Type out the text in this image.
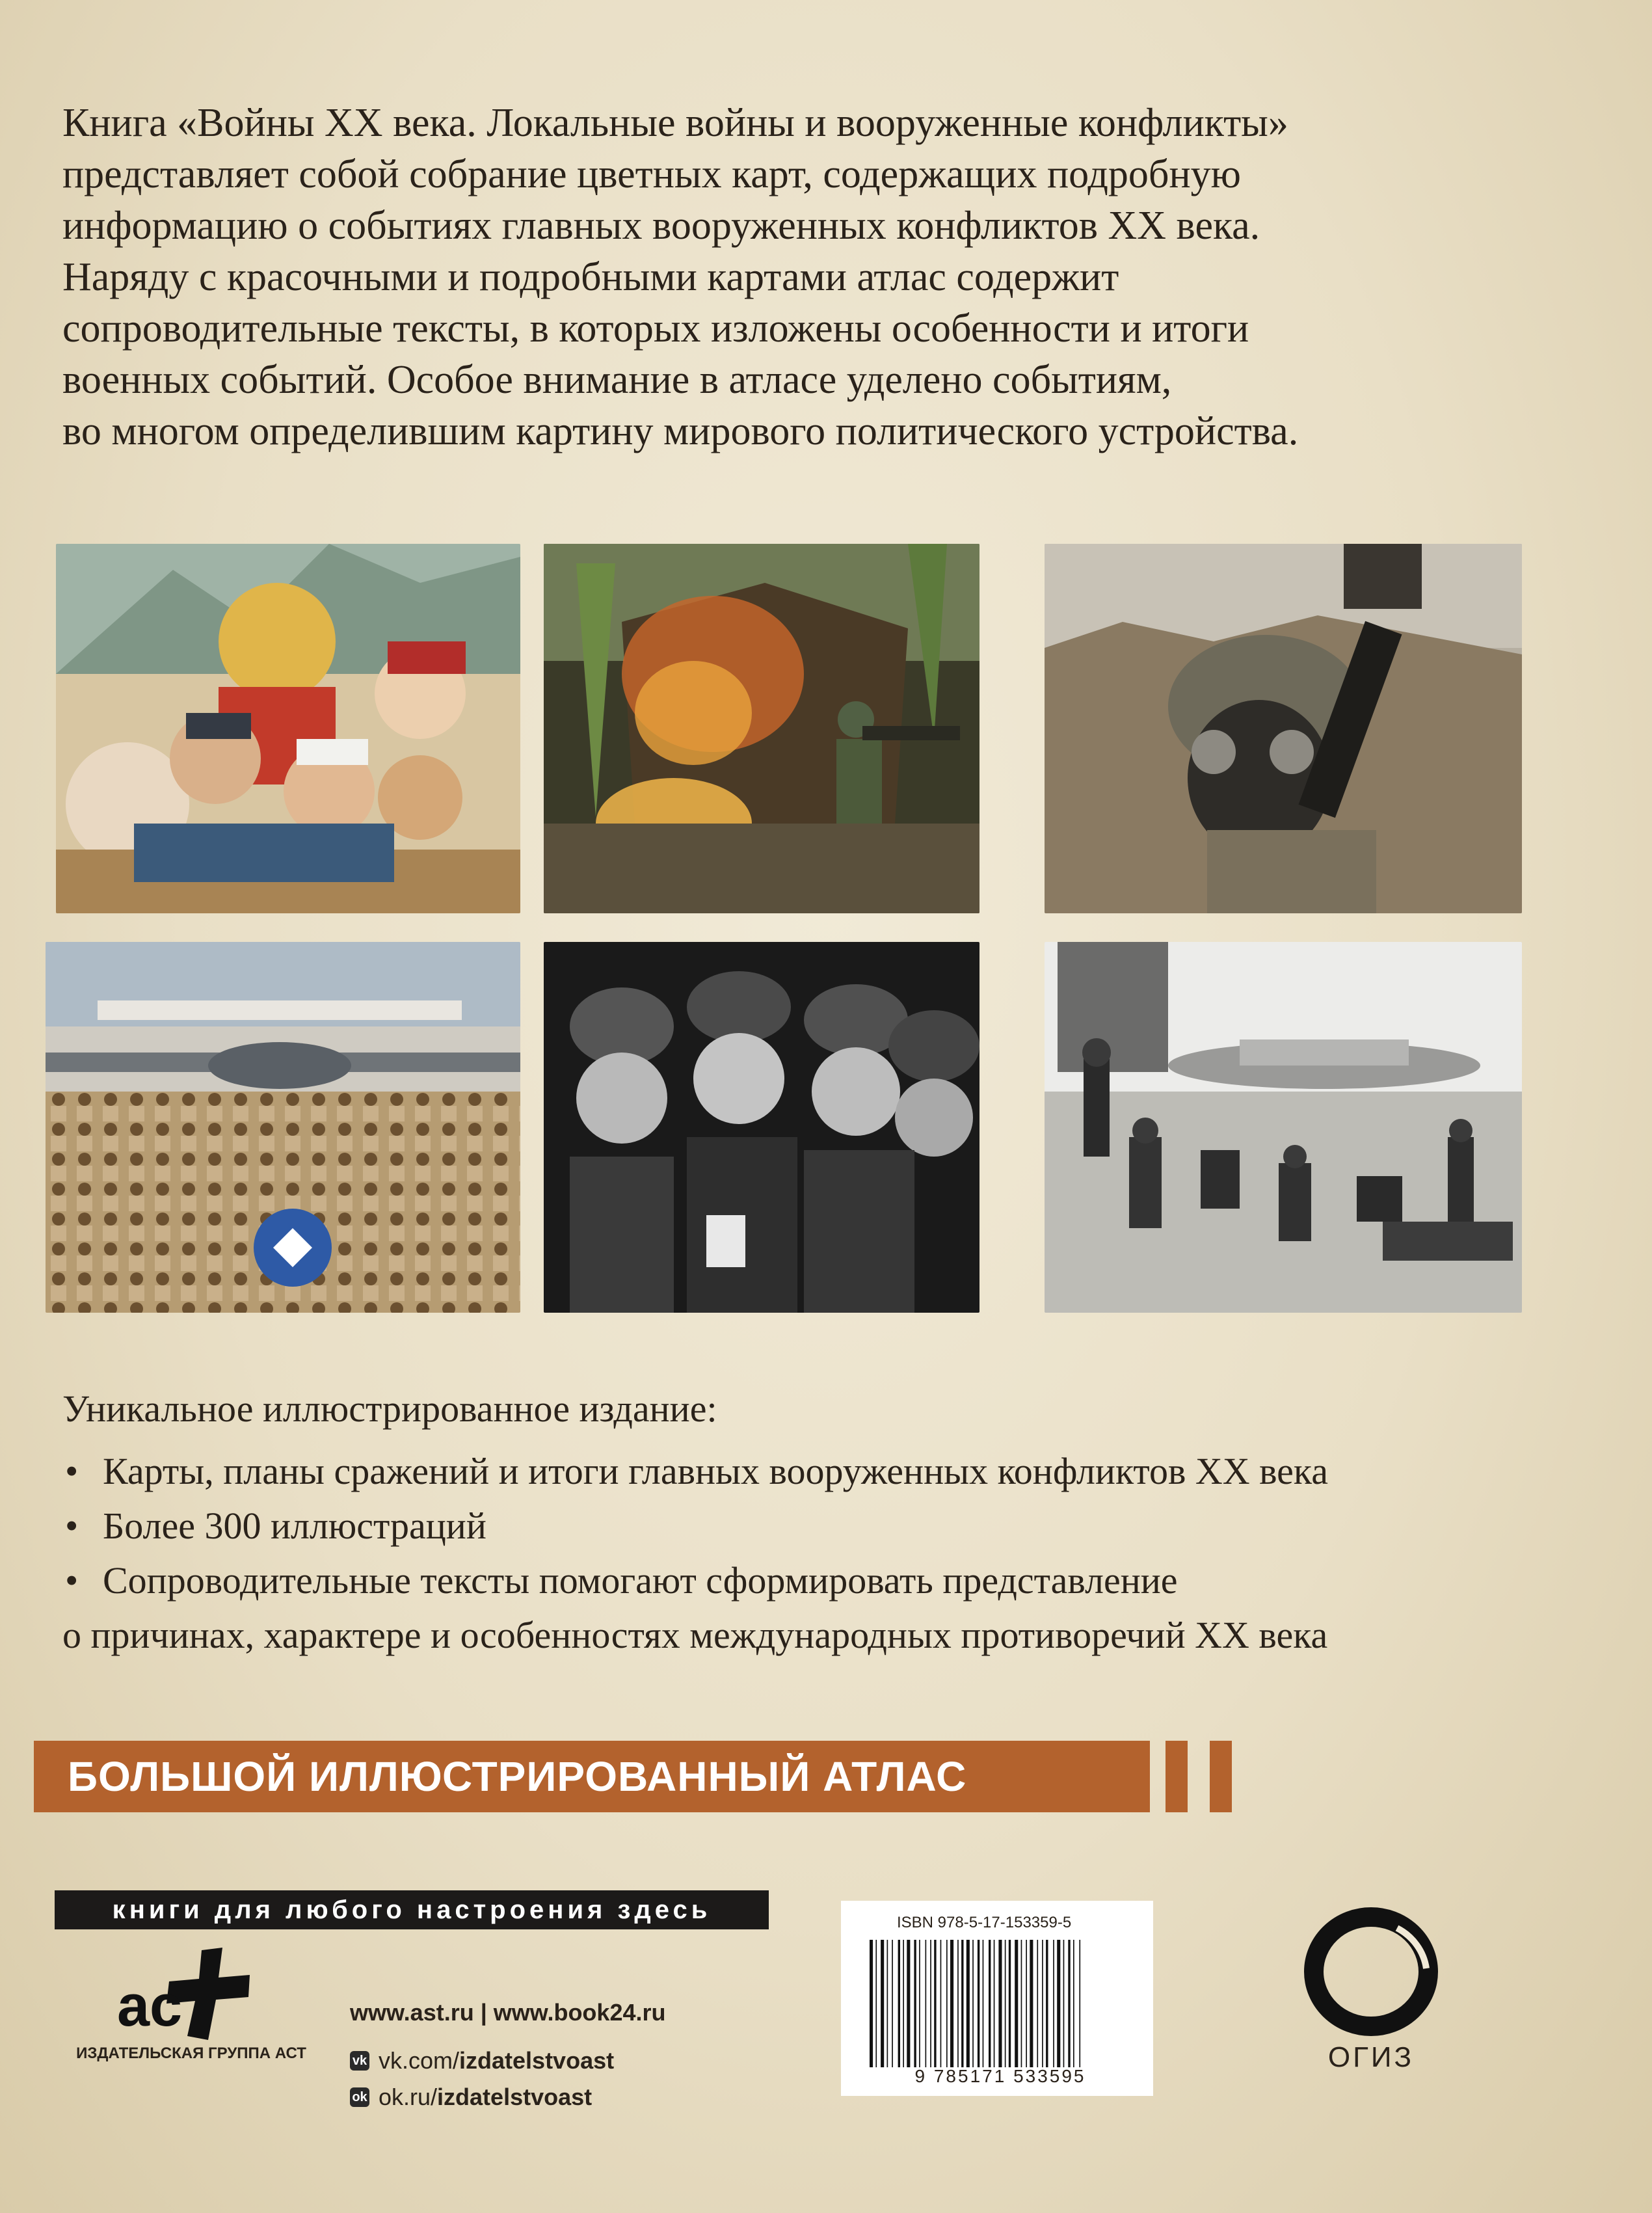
Книга «Войны XX века. Локальные войны и вооруженные конфликты»
представляет собой собрание цветных карт, содержащих подробную
информацию о событиях главных вооруженных конфликтов XX века.
Наряду с красочными и подробными картами атлас содержит
сопроводительные тексты, в которых изложены особенности и итоги
военных событий. Особое внимание в атласе уделено событиям,
во многом определившим картину мирового политического устройства.
Уникальное иллюстрированное издание:
• Карты, планы сражений и итоги главных вооруженных конфликтов XX века
• Более 300 иллюстраций
• Сопроводительные тексты помогают сформировать представление
о причинах, характере и особенностях международных противоречий XX века
БОЛЬШОЙ ИЛЛЮСТРИРОВАННЫЙ АТЛАС
книги для любого настроения здесь
ас
ИЗДАТЕЛЬСКАЯ ГРУППА АСТ
www.ast.ru | www.book24.ru
vk vk.com/ izdatelstvoast
ok ok.ru/ izdatelstvoast
ISBN 978-5-17-153359-5
9 785171 533595
ОГИЗ
